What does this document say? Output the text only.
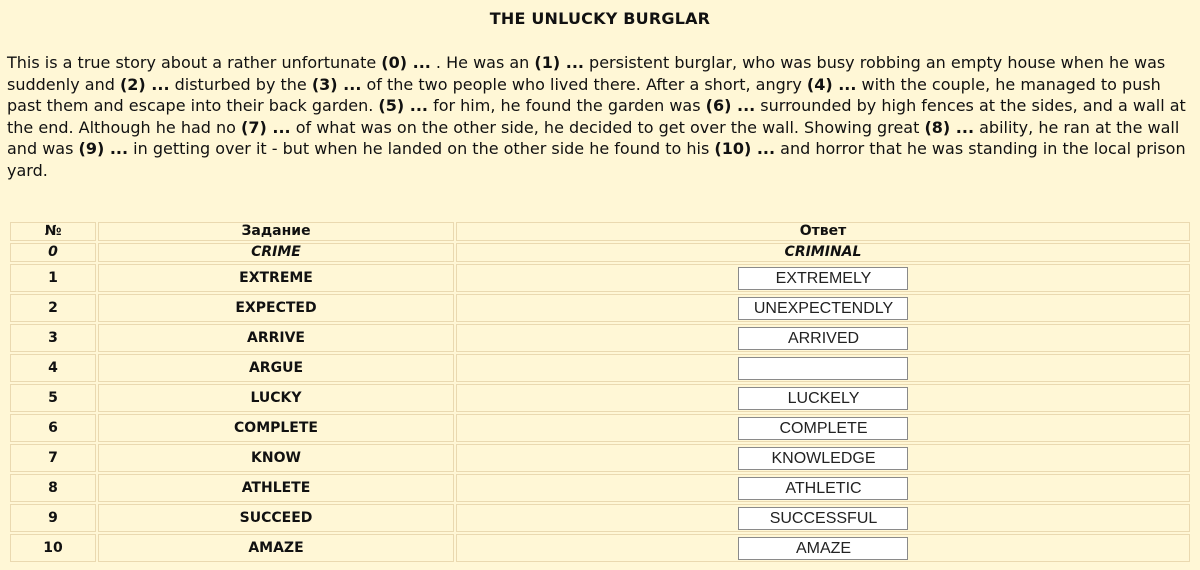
THE UNLUCKY BURGLAR
This is a true story about a rather unfortunate (0) ... . He was an (1) ... persistent burglar, who was busy robbing an empty house when he was suddenly and (2) ... disturbed by the (3) ... of the two people who lived there. After a short, angry (4) ... with the couple, he managed to push past them and escape into their back garden. (5) ... for him, he found the garden was (6) ... surrounded by high fences at the sides, and a wall at the end. Although he had no (7) ... of what was on the other side, he decided to get over the wall. Showing great (8) ... ability, he ran at the wall and was (9) ... in getting over it - but when he landed on the other side he found to his (10) ... and horror that he was standing in the local prison yard.
№	Задание	Ответ
0	CRIME	CRIMINAL
1	EXTREME	EXTREMELY
2	EXPECTED	UNEXPECTENDLY
3	ARRIVE	ARRIVED
4	ARGUE	
5	LUCKY	LUCKELY
6	COMPLETE	COMPLETE
7	KNOW	KNOWLEDGE
8	ATHLETE	ATHLETIC
9	SUCCEED	SUCCESSFUL
10	AMAZE	AMAZE
